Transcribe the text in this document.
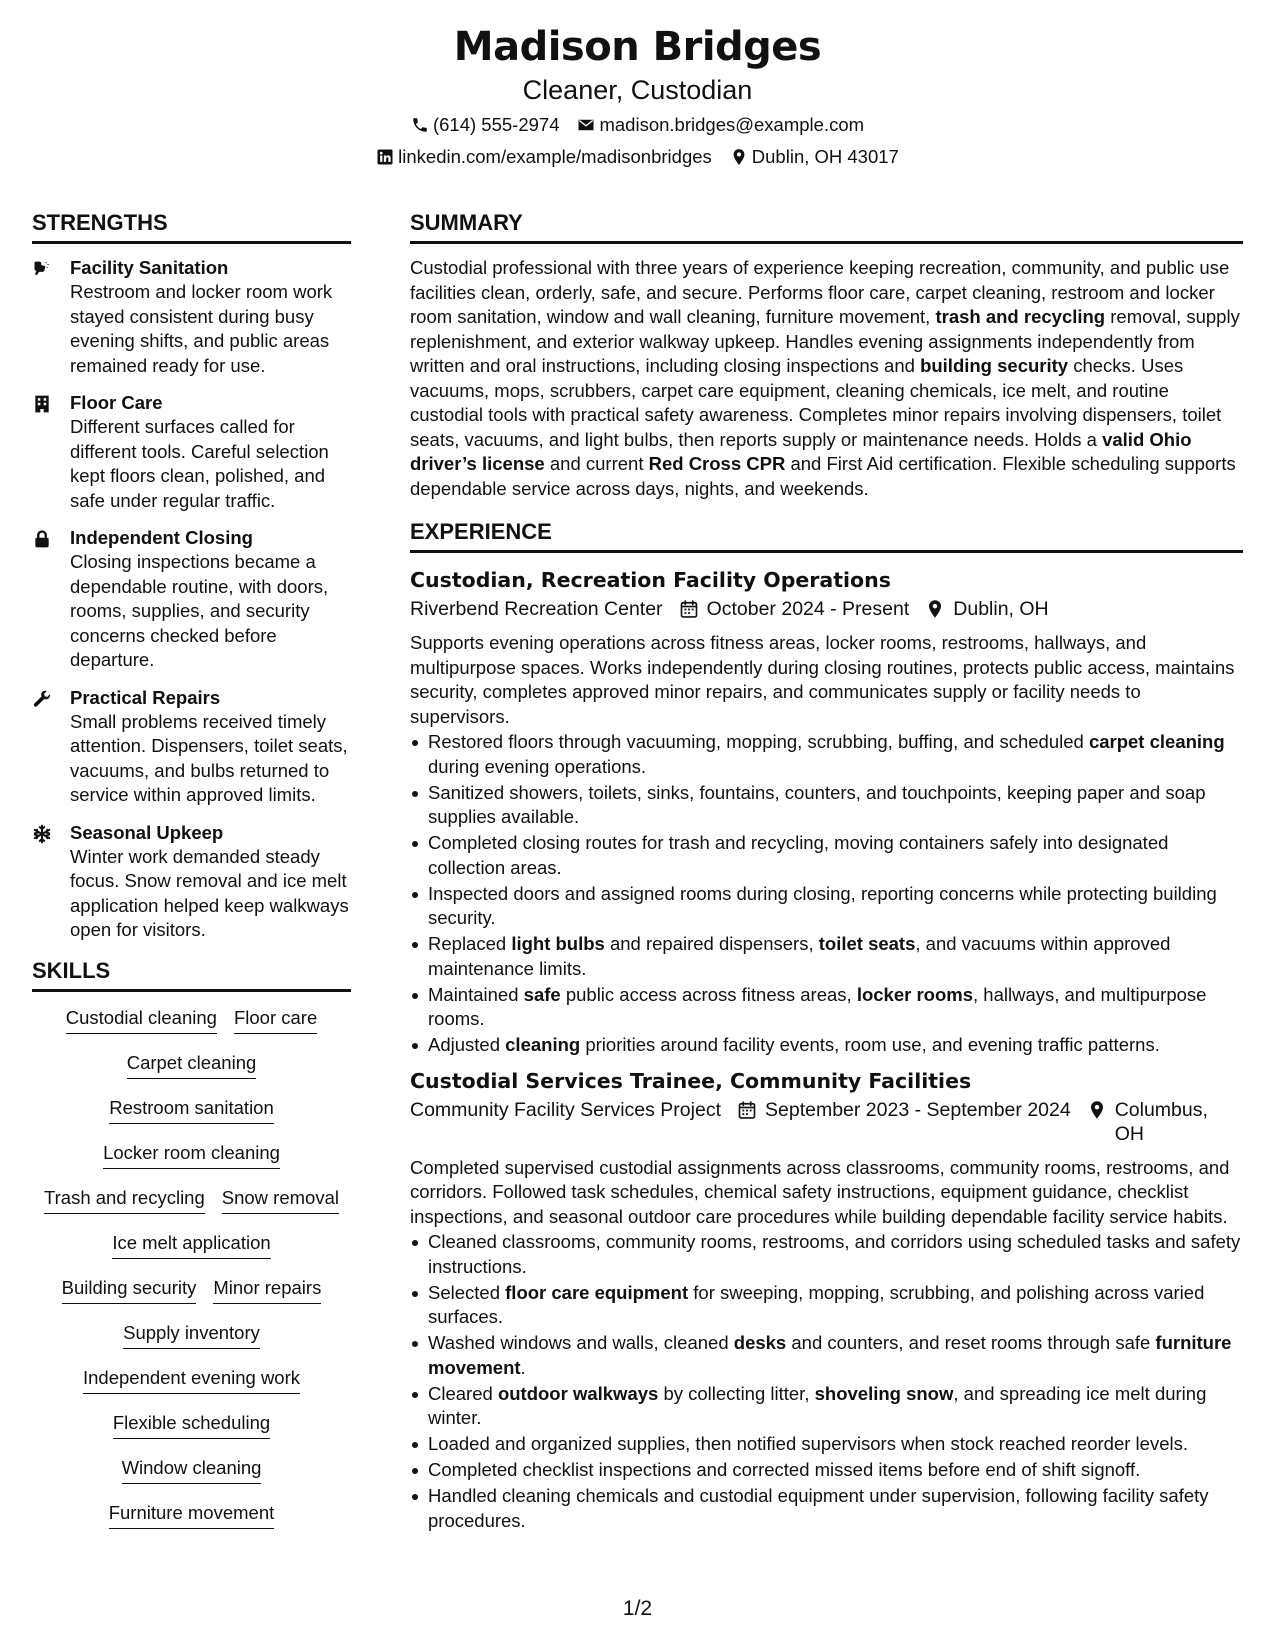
Madison Bridges
Cleaner, Custodian
(614) 555-2974 madison.bridges@example.com
linkedin.com/example/madisonbridges Dublin, OH 43017
STRENGTHS
Facility Sanitation
Restroom and locker room work stayed consistent during busy evening shifts, and public areas remained ready for use.
Floor Care
Different surfaces called for different tools. Careful selection kept floors clean, polished, and safe under regular traffic.
Independent Closing
Closing inspections became a dependable routine, with doors, rooms, supplies, and security concerns checked before departure.
Practical Repairs
Small problems received timely attention. Dispensers, toilet seats, vacuums, and bulbs returned to service within approved limits.
Seasonal Upkeep
Winter work demanded steady focus. Snow removal and ice melt application helped keep walkways open for visitors.
SKILLS
Custodial cleaning Floor care
Carpet cleaning
Restroom sanitation
Locker room cleaning
Trash and recycling Snow removal
Ice melt application
Building security Minor repairs
Supply inventory
Independent evening work
Flexible scheduling
Window cleaning
Furniture movement
SUMMARY

Custodial professional with three years of experience keeping recreation, community, and public use facilities clean, orderly, safe, and secure. Performs floor care, carpet cleaning, restroom and locker room sanitation, window and wall cleaning, furniture movement, trash and recycling removal, supply replenishment, and exterior walkway upkeep. Handles evening assignments independently from written and oral instructions, including closing inspections and building security checks. Uses vacuums, mops, scrubbers, carpet care equipment, cleaning chemicals, ice melt, and routine custodial tools with practical safety awareness. Completes minor repairs involving dispensers, toilet seats, vacuums, and light bulbs, then reports supply or maintenance needs. Holds a valid Ohio driver’s license and current Red Cross CPR and First Aid certification. Flexible scheduling supports dependable service across days, nights, and weekends.

EXPERIENCE
Custodian, Recreation Facility Operations
Riverbend Recreation Center October 2024 - Present Dublin, OH
Supports evening operations across fitness areas, locker rooms, restrooms, hallways, and multipurpose spaces. Works independently during closing routines, protects public access, maintains security, completes approved minor repairs, and communicates supply or facility needs to supervisors.
Restored floors through vacuuming, mopping, scrubbing, buffing, and scheduled carpet cleaning during evening operations.
Sanitized showers, toilets, sinks, fountains, counters, and touchpoints, keeping paper and soap supplies available.
Completed closing routes for trash and recycling, moving containers safely into designated collection areas.
Inspected doors and assigned rooms during closing, reporting concerns while protecting building security.
Replaced light bulbs and repaired dispensers, toilet seats, and vacuums within approved maintenance limits.
Maintained safe public access across fitness areas, locker rooms, hallways, and multipurpose rooms.
Adjusted cleaning priorities around facility events, room use, and evening traffic patterns.
Custodial Services Trainee, Community Facilities
Community Facility Services Project September 2023 - September 2024 Columbus, OH
Completed supervised custodial assignments across classrooms, community rooms, restrooms, and corridors. Followed task schedules, chemical safety instructions, equipment guidance, checklist inspections, and seasonal outdoor care procedures while building dependable facility service habits.
Cleaned classrooms, community rooms, restrooms, and corridors using scheduled tasks and safety instructions.
Selected floor care equipment for sweeping, mopping, scrubbing, and polishing across varied surfaces.
Washed windows and walls, cleaned desks and counters, and reset rooms through safe furniture movement.
Cleared outdoor walkways by collecting litter, shoveling snow, and spreading ice melt during winter.
Loaded and organized supplies, then notified supervisors when stock reached reorder levels.
Completed checklist inspections and corrected missed items before end of shift signoff.
Handled cleaning chemicals and custodial equipment under supervision, following facility safety procedures.
1/2
